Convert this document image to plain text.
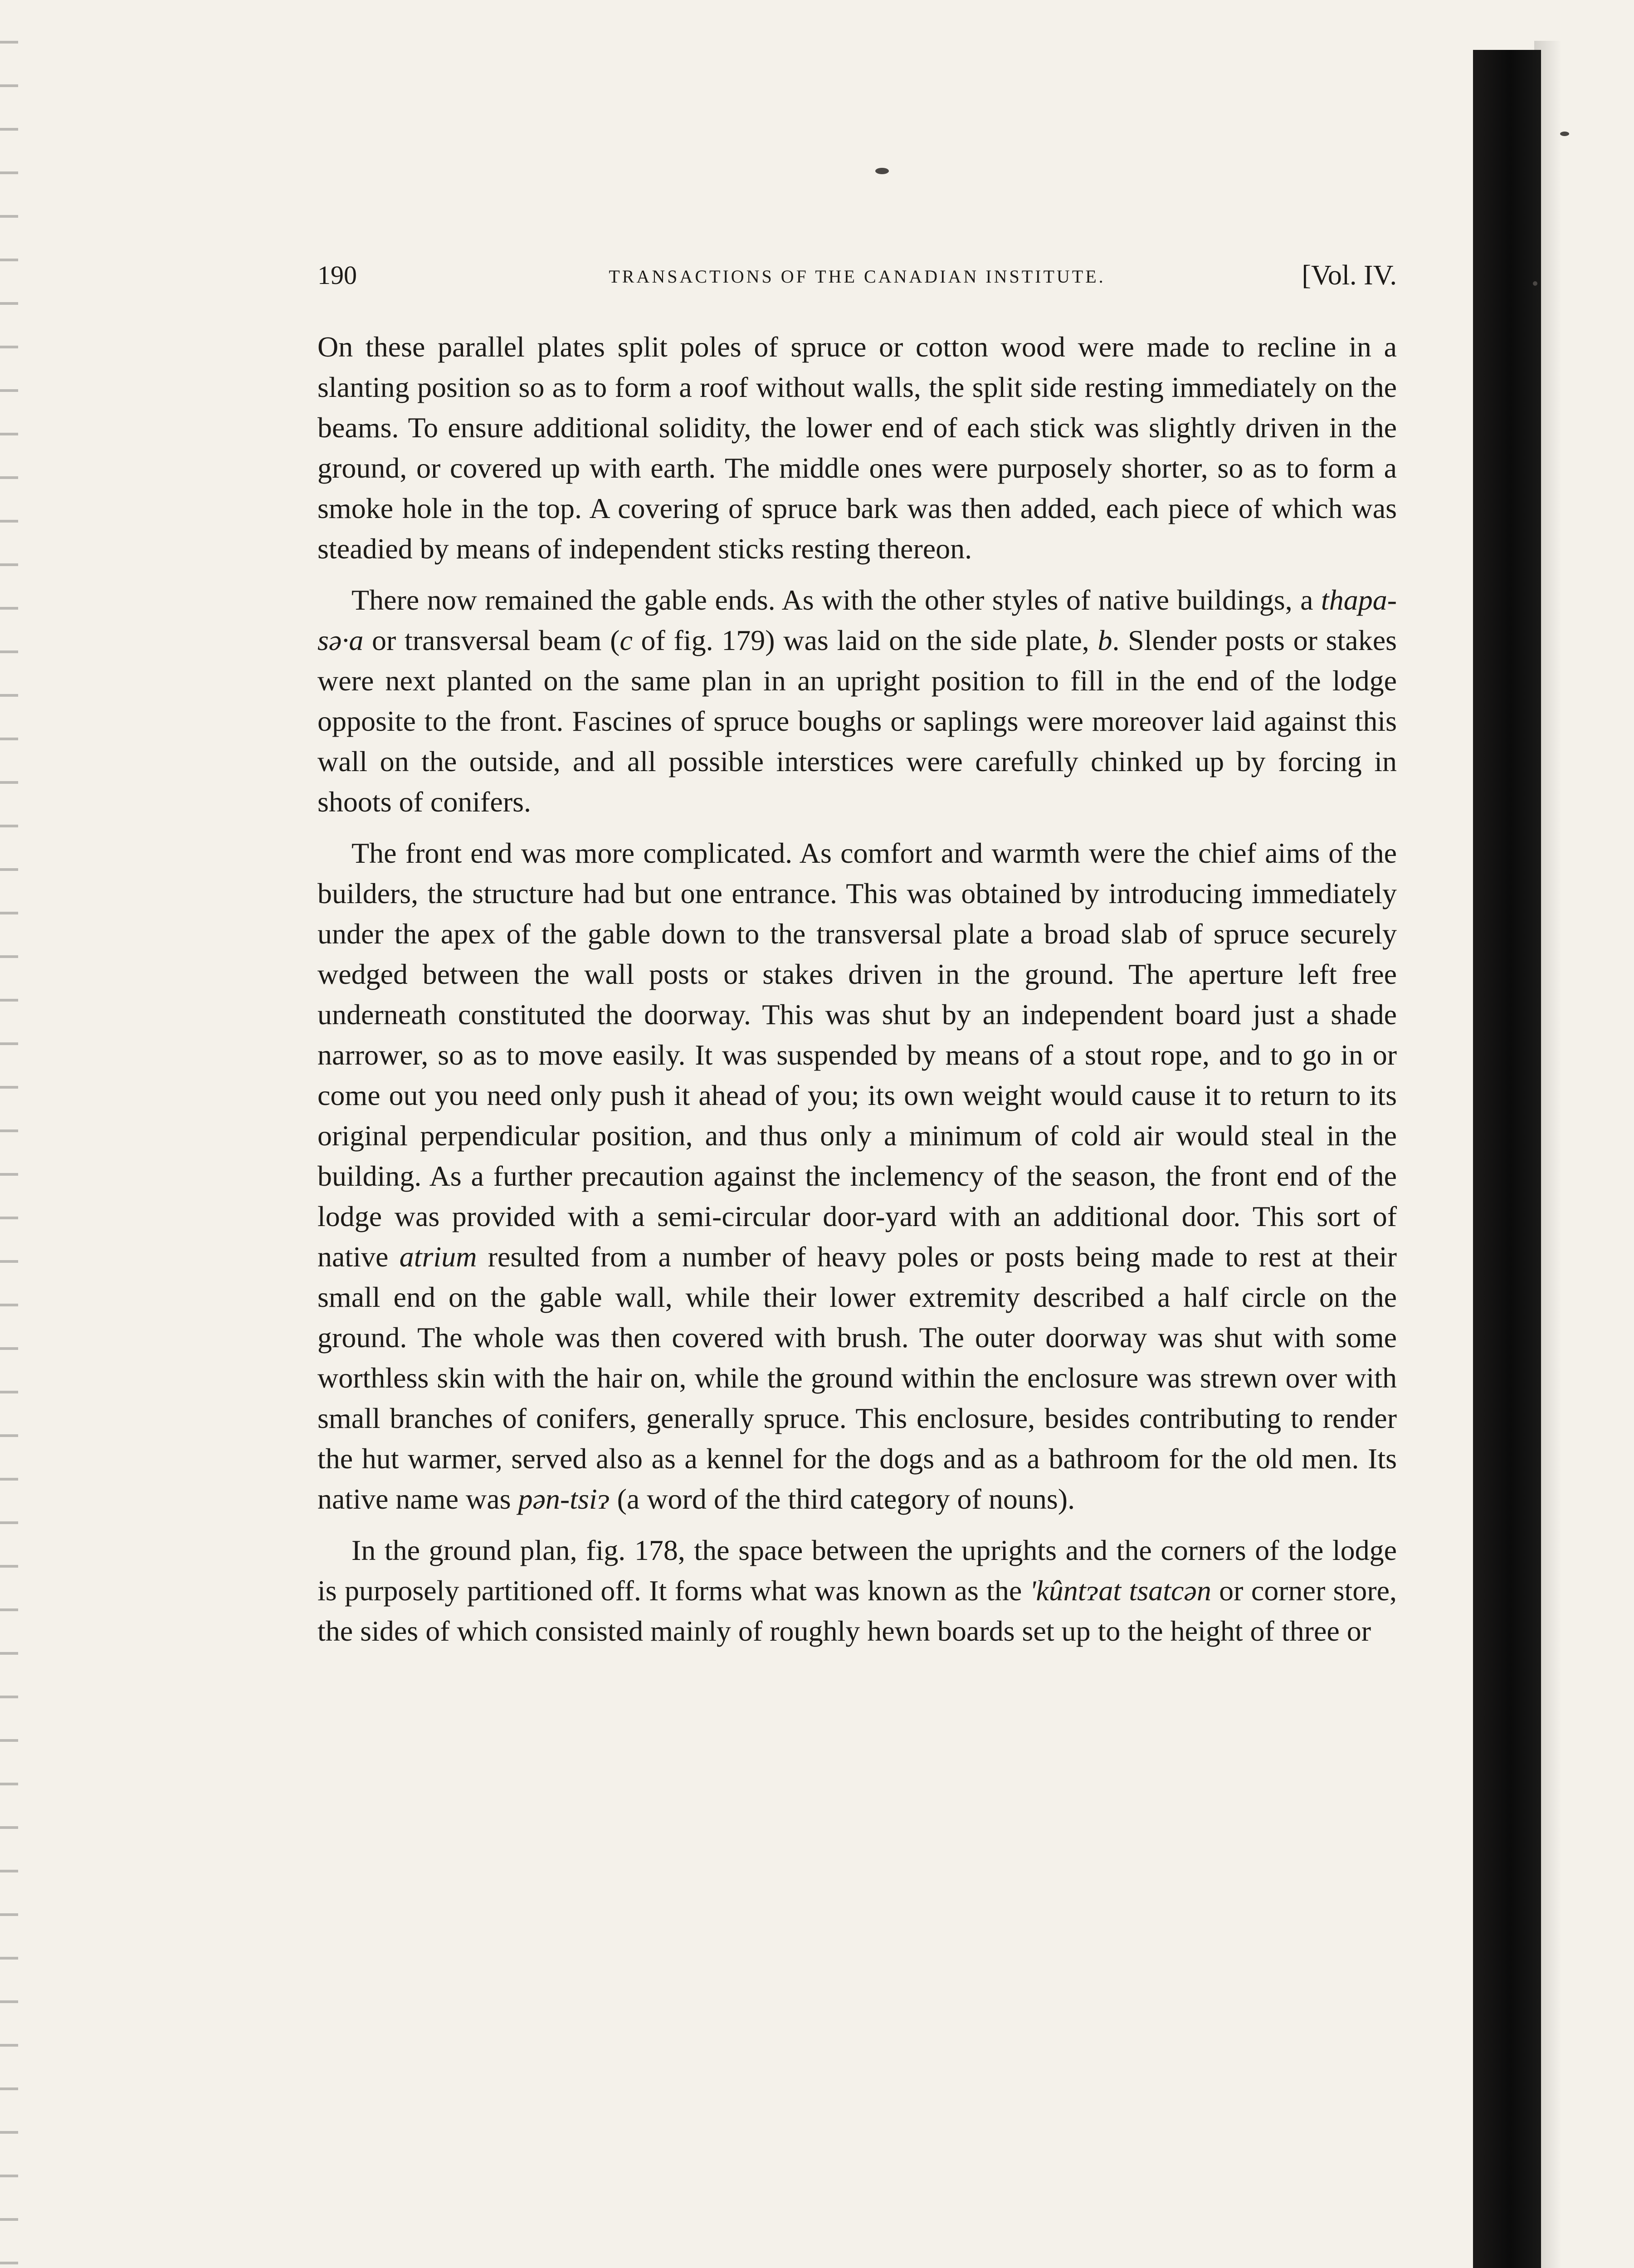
190	TRANSACTIONS OF THE CANADIAN INSTITUTE.	[Vol. IV.

On these parallel plates split poles of spruce or cotton wood were made to recline in a slanting position so as to form a roof without walls, the split side resting immediately on the beams. To ensure additional solidity, the lower end of each stick was slightly driven in the ground, or covered up with earth. The middle ones were purposely shorter, so as to form a smoke hole in the top. A covering of spruce bark was then added, each piece of which was steadied by means of independent sticks resting thereon.

There now remained the gable ends. As with the other styles of native buildings, a thapa-sə·a or transversal beam (c of fig. 179) was laid on the side plate, b. Slender posts or stakes were next planted on the same plan in an upright position to fill in the end of the lodge opposite to the front. Fascines of spruce boughs or saplings were moreover laid against this wall on the outside, and all possible interstices were carefully chinked up by forcing in shoots of conifers.

The front end was more complicated. As comfort and warmth were the chief aims of the builders, the structure had but one entrance. This was obtained by introducing immediately under the apex of the gable down to the transversal plate a broad slab of spruce securely wedged between the wall posts or stakes driven in the ground. The aperture left free underneath constituted the doorway. This was shut by an independent board just a shade narrower, so as to move easily. It was suspended by means of a stout rope, and to go in or come out you need only push it ahead of you; its own weight would cause it to return to its original perpendicular position, and thus only a minimum of cold air would steal in the building. As a further precaution against the inclemency of the season, the front end of the lodge was provided with a semi-circular door-yard with an additional door. This sort of native atrium resulted from a number of heavy poles or posts being made to rest at their small end on the gable wall, while their lower extremity described a half circle on the ground. The whole was then covered with brush. The outer doorway was shut with some worthless skin with the hair on, while the ground within the enclosure was strewn over with small branches of conifers, generally spruce. This enclosure, besides contributing to render the hut warmer, served also as a kennel for the dogs and as a bathroom for the old men. Its native name was pən-tsiɂ (a word of the third category of nouns).

In the ground plan, fig. 178, the space between the uprights and the corners of the lodge is purposely partitioned off. It forms what was known as the 'kûntɂat tsatcən or corner store, the sides of which consisted mainly of roughly hewn boards set up to the height of three or
